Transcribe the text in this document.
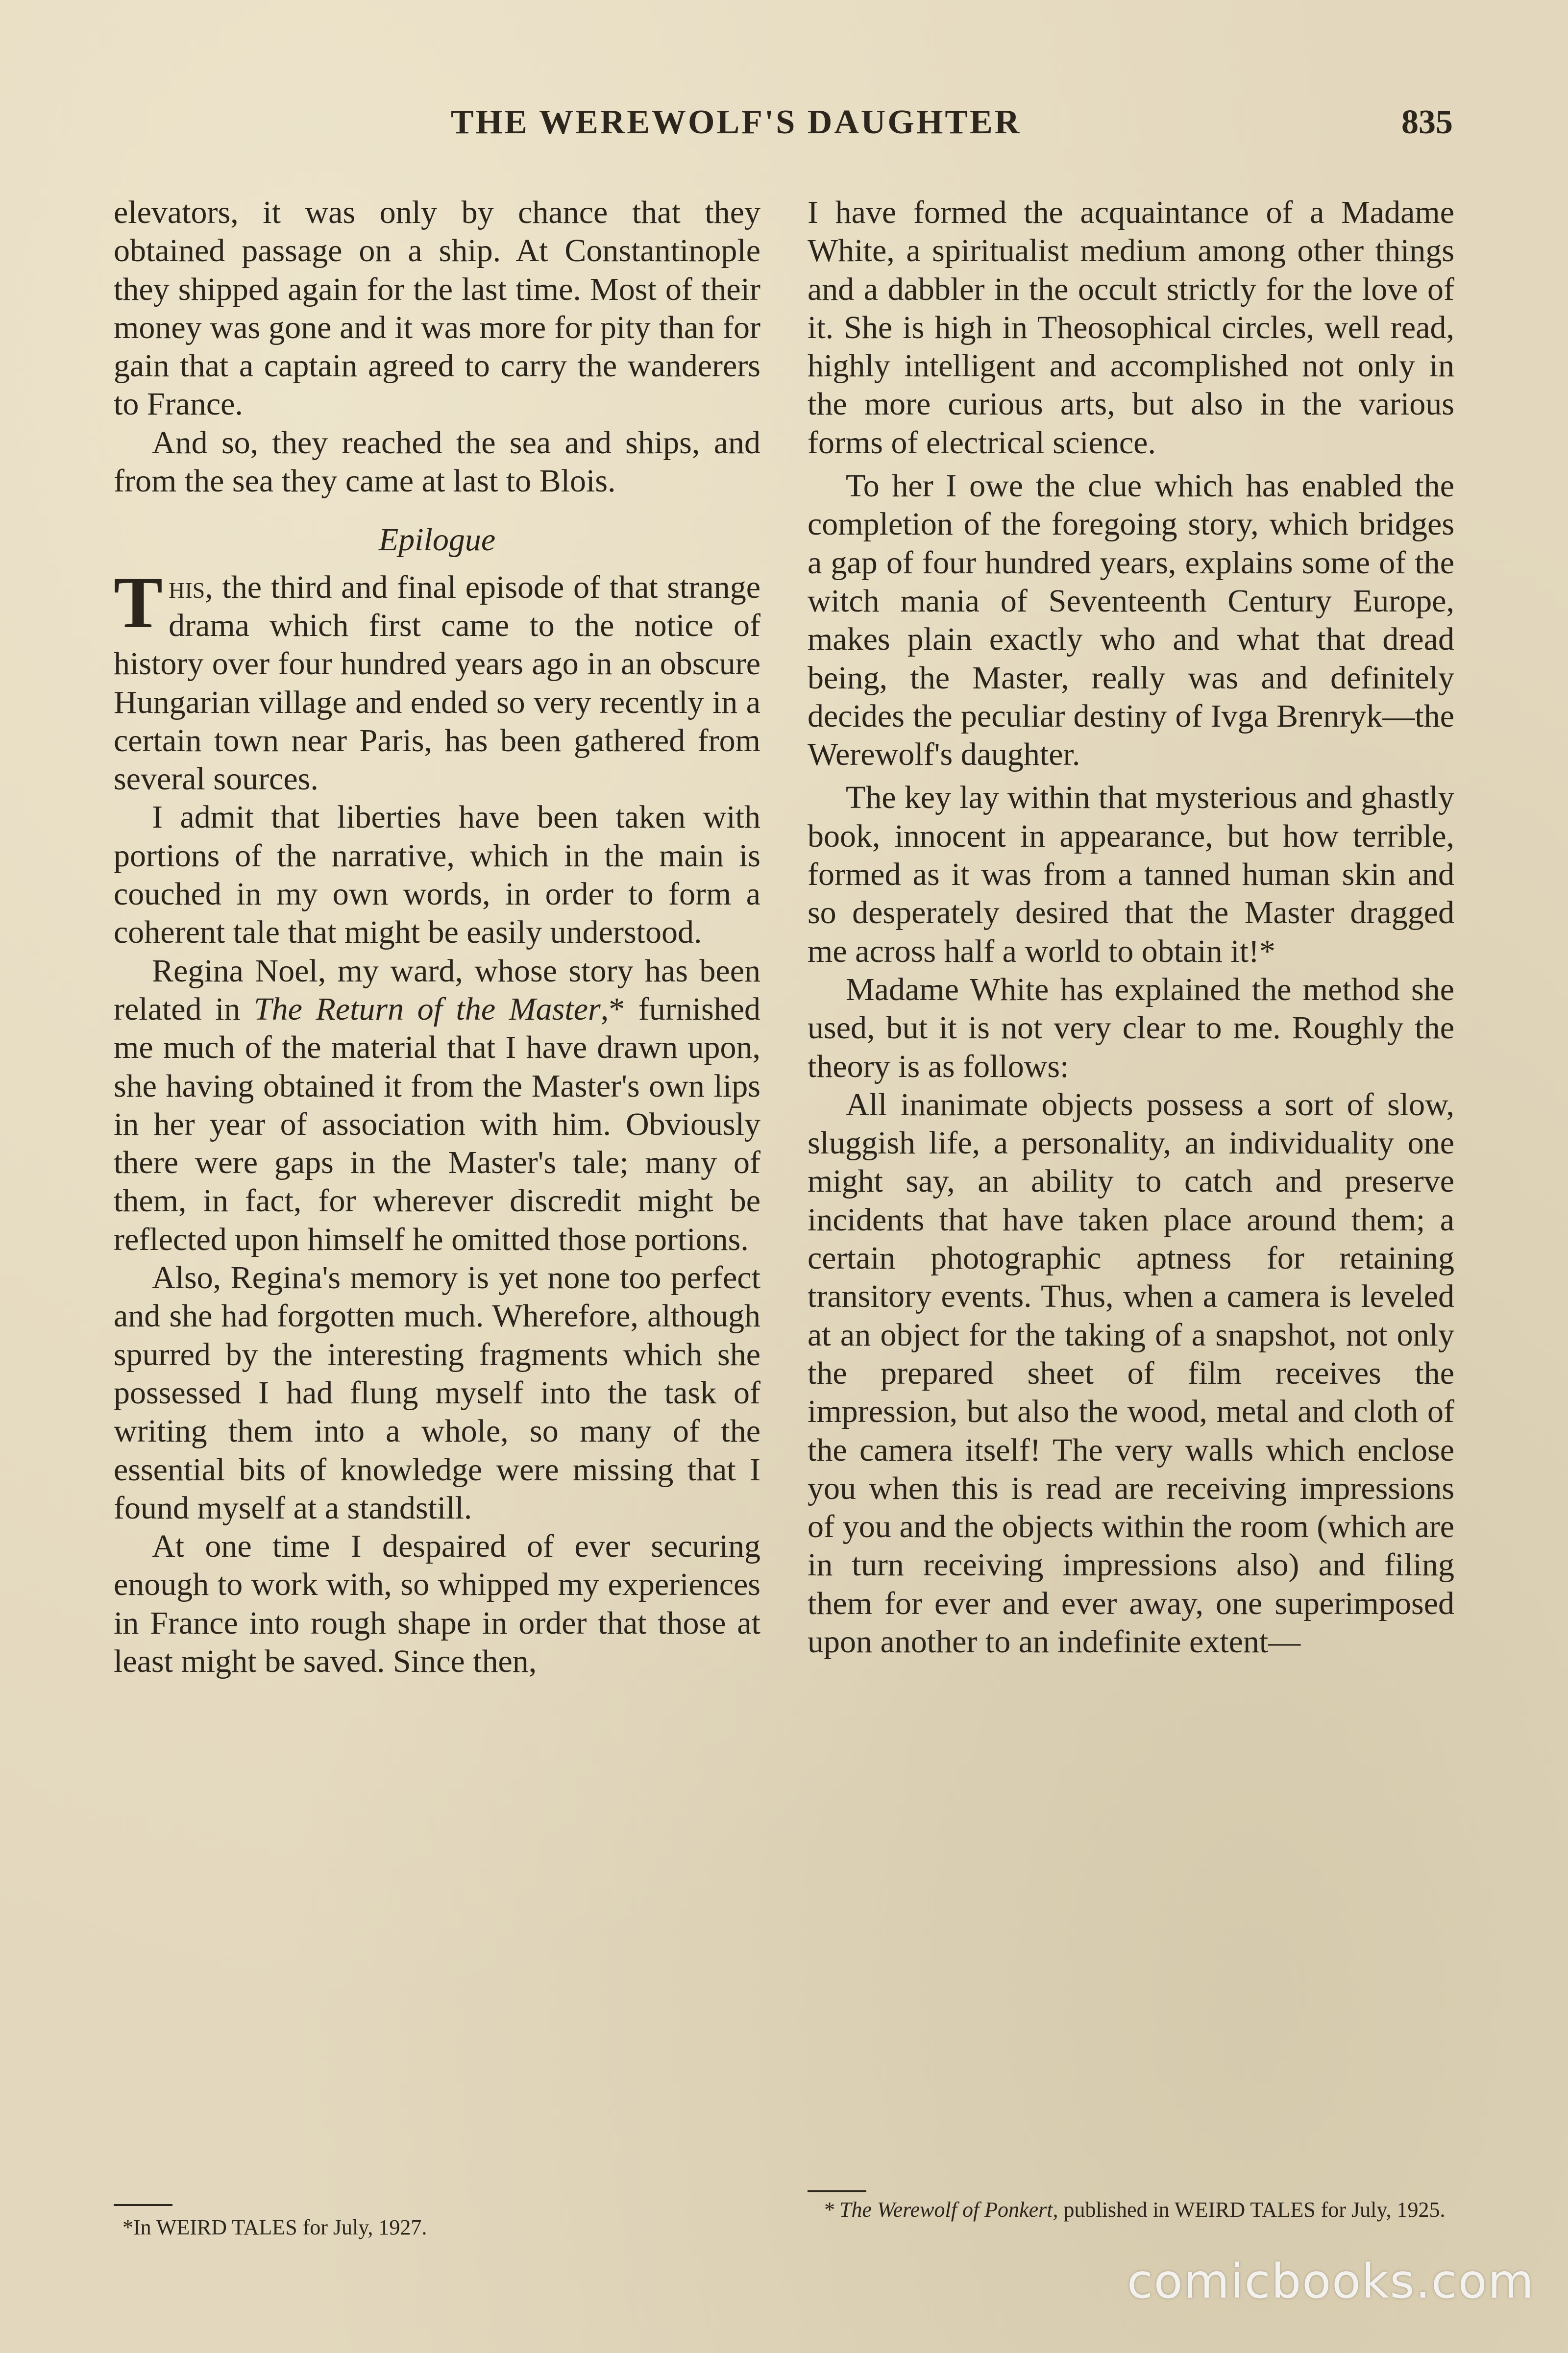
THE WEREWOLF'S DAUGHTER	835

elevators, it was only by chance that they obtained passage on a ship. At Constantinople they shipped again for the last time. Most of their money was gone and it was more for pity than for gain that a captain agreed to carry the wanderers to France.

And so, they reached the sea and ships, and from the sea they came at last to Blois.

Epilogue

This, the third and final episode of that strange drama which first came to the notice of history over four hundred years ago in an obscure Hungarian village and ended so very recently in a certain town near Paris, has been gathered from several sources.

I admit that liberties have been taken with portions of the narrative, which in the main is couched in my own words, in order to form a coherent tale that might be easily understood.

Regina Noel, my ward, whose story has been related in The Return of the Master,* furnished me much of the material that I have drawn upon, she having obtained it from the Master's own lips in her year of association with him. Obviously there were gaps in the Master's tale; many of them, in fact, for wherever discredit might be reflected upon himself he omitted those portions.

Also, Regina's memory is yet none too perfect and she had forgotten much. Wherefore, although spurred by the interesting fragments which she possessed I had flung myself into the task of writing them into a whole, so many of the essential bits of knowledge were missing that I found myself at a standstill.

At one time I despaired of ever securing enough to work with, so whipped my experiences in France into rough shape in order that those at least might be saved. Since then,

I have formed the acquaintance of a Madame White, a spiritualist medium among other things and a dabbler in the occult strictly for the love of it. She is high in Theosophical circles, well read, highly intelligent and accomplished not only in the more curious arts, but also in the various forms of electrical science.

To her I owe the clue which has enabled the completion of the foregoing story, which bridges a gap of four hundred years, explains some of the witch mania of Seventeenth Century Europe, makes plain exactly who and what that dread being, the Master, really was and definitely decides the peculiar destiny of Ivga Brenryk—the Werewolf's daughter.

The key lay within that mysterious and ghastly book, innocent in appearance, but how terrible, formed as it was from a tanned human skin and so desperately desired that the Master dragged me across half a world to obtain it!*

Madame White has explained the method she used, but it is not very clear to me. Roughly the theory is as follows:

All inanimate objects possess a sort of slow, sluggish life, a personality, an individuality one might say, an ability to catch and preserve incidents that have taken place around them; a certain photographic aptness for retaining transitory events. Thus, when a camera is leveled at an object for the taking of a snapshot, not only the prepared sheet of film receives the impression, but also the wood, metal and cloth of the camera itself! The very walls which enclose you when this is read are receiving impressions of you and the objects within the room (which are in turn receiving impressions also) and filing them for ever and ever away, one superimposed upon another to an indefinite extent—

*In WEIRD TALES for July, 1927.
* The Werewolf of Ponkert, published in WEIRD TALES for July, 1925.
comicbooks.com
